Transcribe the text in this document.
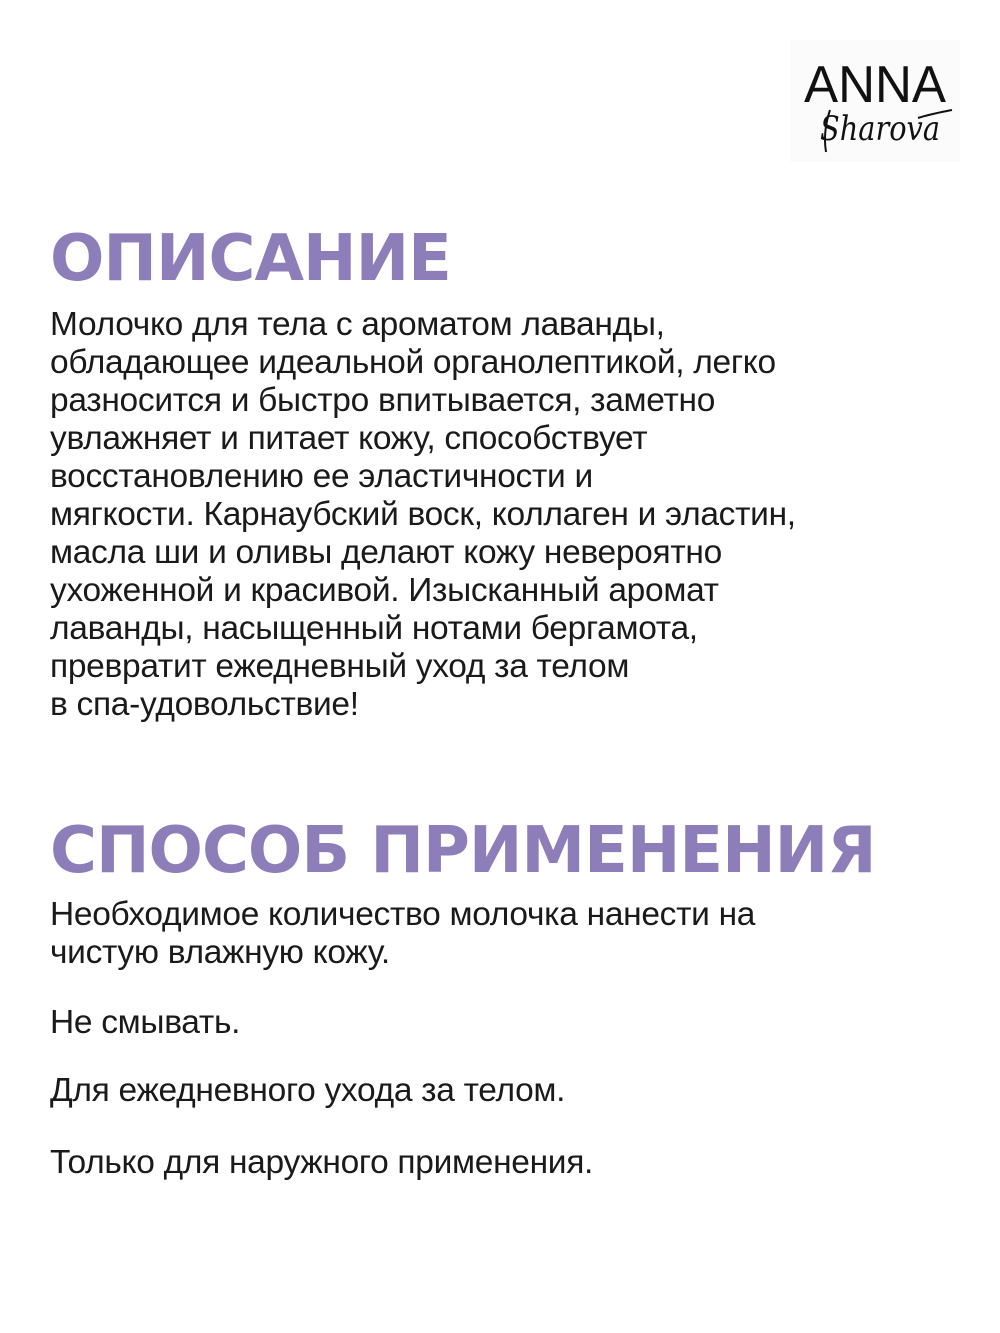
ANNA
Sharova
ОПИСАНИЕ
Молочко для тела с ароматом лаванды,
обладающее идеальной органолептикой, легко
разносится и быстро впитывается, заметно
увлажняет и питает кожу, способствует
восстановлению ее эластичности и
мягкости. Карнаубский воск, коллаген и эластин,
масла ши и оливы делают кожу невероятно
ухоженной и красивой. Изысканный аромат
лаванды, насыщенный нотами бергамота,
превратит ежедневный уход за телом
в спа-удовольствие!
СПОСОБ ПРИМЕНЕНИЯ
Необходимое количество молочка нанести на
чистую влажную кожу.
Не смывать.
Для ежедневного ухода за телом.
Только для наружного применения.
